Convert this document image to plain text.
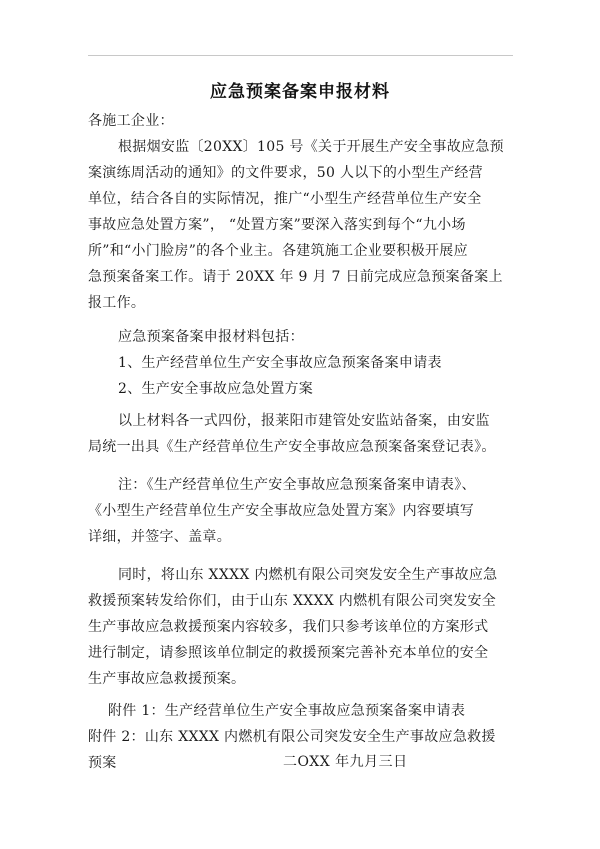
应急预案备案申报材料
各施工企业：
根据烟安监〔20XX〕105 号《关于开展生产安全事故应急预
案演练周活动的通知》的文件要求，50 人以下的小型生产经营
单位，结合各自的实际情况，推广“小型生产经营单位生产安全
事故应急处置方案”， “处置方案”要深入落实到每个“九小场
所”和“小门脸房”的各个业主。各建筑施工企业要积极开展应
急预案备案工作。请于 20XX 年 9 月 7 日前完成应急预案备案上
报工作。
应急预案备案申报材料包括：
1、生产经营单位生产安全事故应急预案备案申请表
2、生产安全事故应急处置方案
以上材料各一式四份，报莱阳市建管处安监站备案，由安监
局统一出具《生产经营单位生产安全事故应急预案备案登记表》。
注：《生产经营单位生产安全事故应急预案备案申请表》、
《小型生产经营单位生产安全事故应急处置方案》内容要填写
详细，并签字、盖章。
同时，将山东 XXXX 内燃机有限公司突发安全生产事故应急
救援预案转发给你们，由于山东 XXXX 内燃机有限公司突发安全
生产事故应急救援预案内容较多，我们只参考该单位的方案形式
进行制定，请参照该单位制定的救援预案完善补充本单位的安全
生产事故应急救援预案。
附件 1：生产经营单位生产安全事故应急预案备案申请表
附件 2：山东 XXXX 内燃机有限公司突发安全生产事故应急救援
预案	二OXX 年九月三日
